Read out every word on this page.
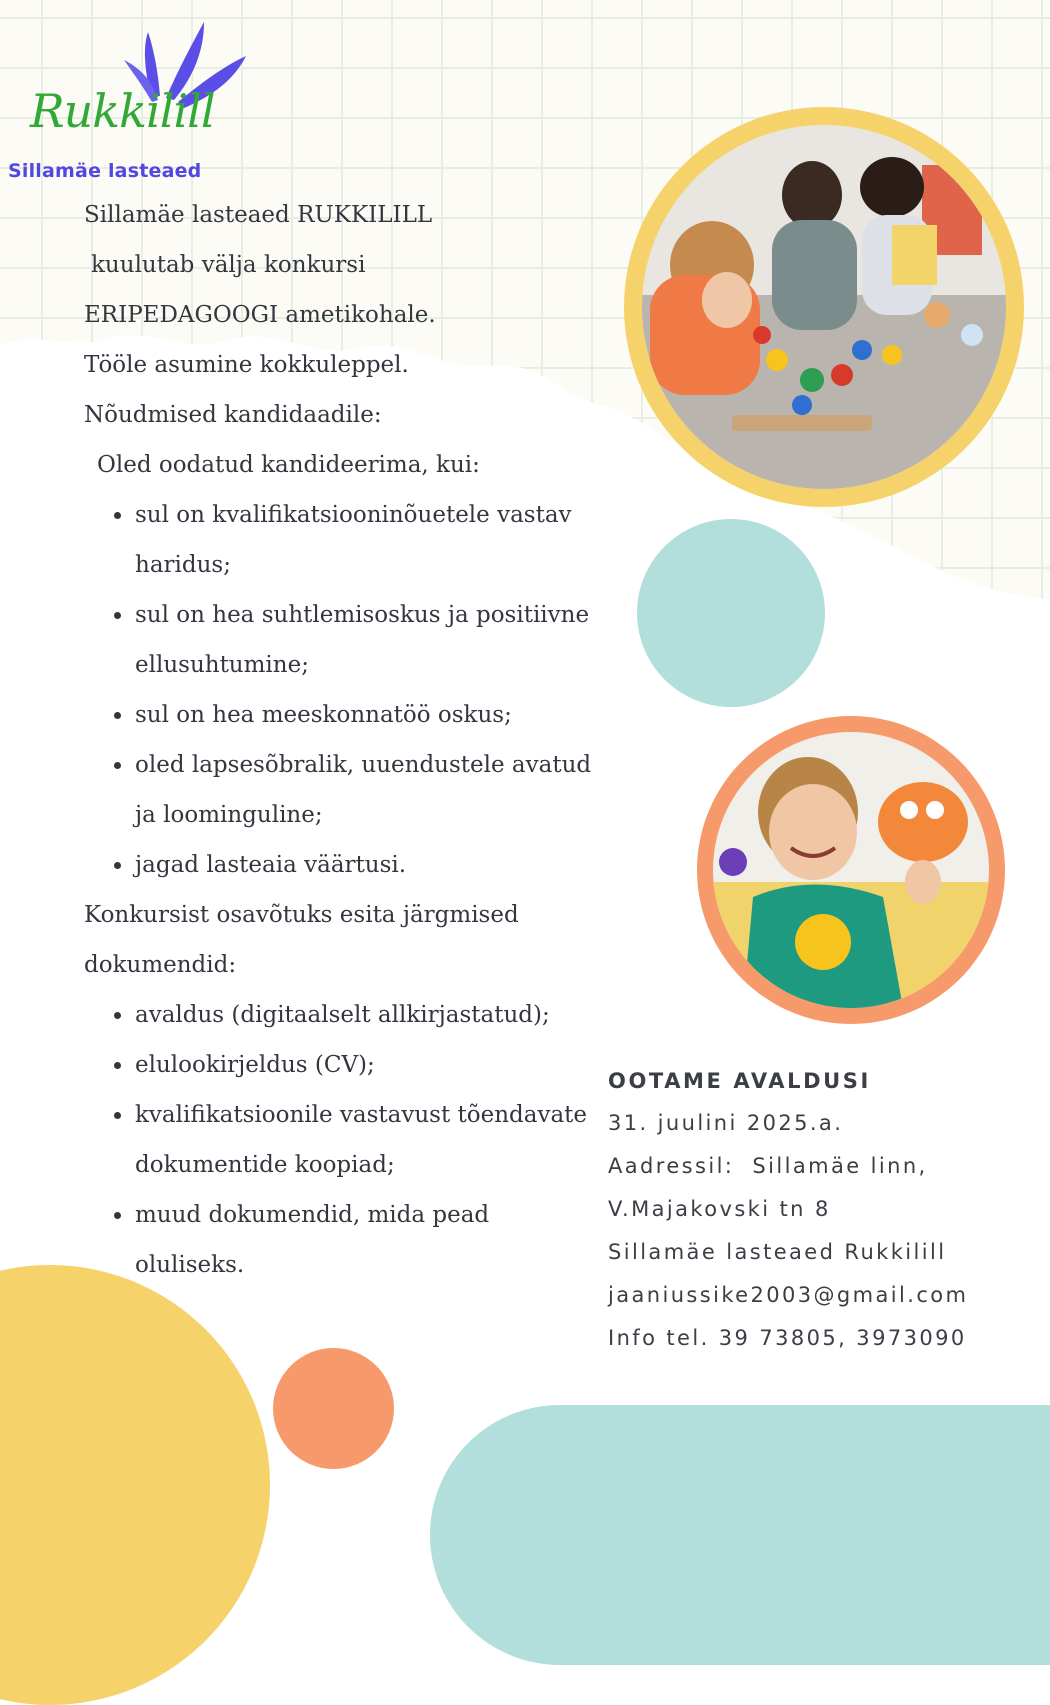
Rukkilill
Sillamäe lasteaed

Sillamäe lasteaed RUKKILILL

kuulutab välja konkursi

ERIPEDAGOOGI ametikohale.

Tööle asumine kokkuleppel.

Nõudmised kandidaadile:

Oled oodatud kandideerima, kui:

sul on kvalifikatsiooninõuetele vastav haridus;
sul on hea suhtlemisoskus ja positiivne ellusuhtumine;
sul on hea meeskonnatöö oskus;
oled lapsesõbralik, uuendustele avatud ja loominguline;
jagad lasteaia väärtusi.

Konkursist osavõtuks esita järgmised dokumendid:

avaldus (digitaalselt allkirjastatud);
elulookirjeldus (CV);
kvalifikatsioonile vastavust tõendavate dokumentide koopiad;
muud dokumendid, mida pead oluliseks.
OOTAME AVALDUSI
31. juulini 2025.a.
Aadressil:  Sillamäe linn,
V.Majakovski tn 8
Sillamäe lasteaed Rukkilill
jaaniussike2003@gmail.com
Info tel. 39 73805, 3973090
